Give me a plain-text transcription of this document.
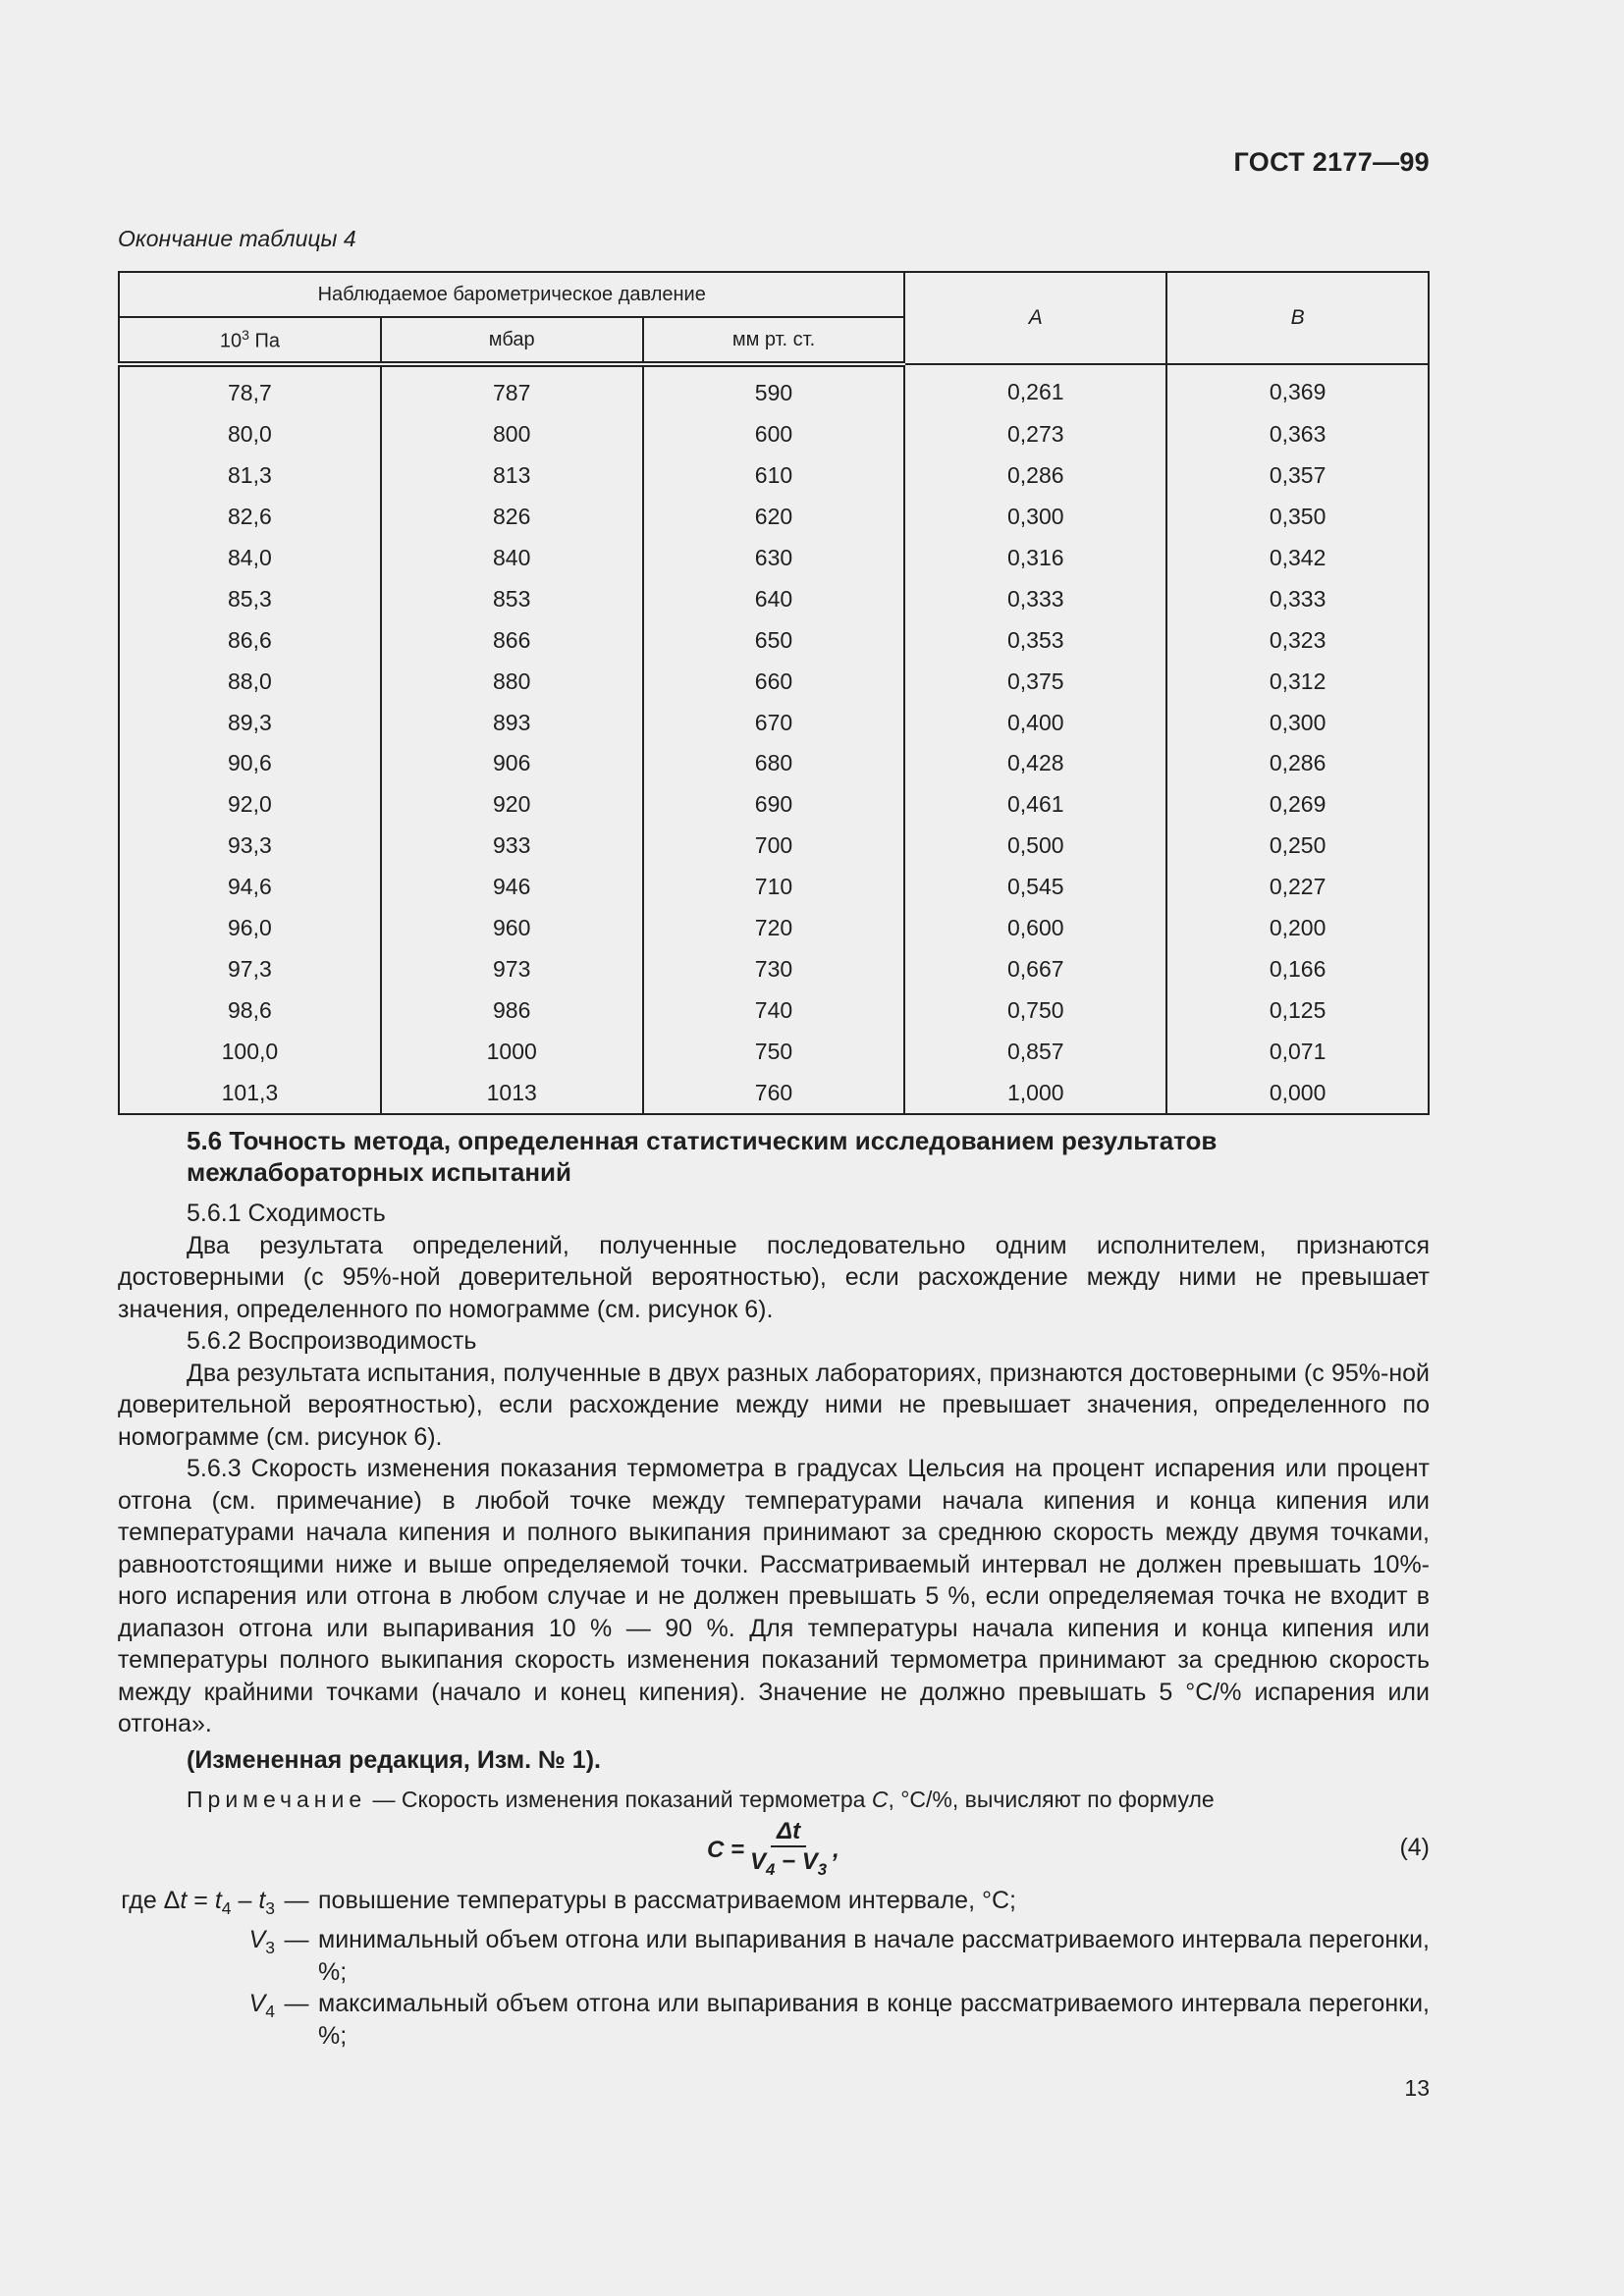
ГОСТ 2177—99
Окончание таблицы 4
Наблюдаемое барометрическое давление			A	B
$10^3$ Па	мбар	мм рт. ст.		
78,7	787	590	0,261	0,369
80,0	800	600	0,273	0,363
81,3	813	610	0,286	0,357
82,6	826	620	0,300	0,350
84,0	840	630	0,316	0,342
85,3	853	640	0,333	0,333
86,6	866	650	0,353	0,323
88,0	880	660	0,375	0,312
89,3	893	670	0,400	0,300
90,6	906	680	0,428	0,286
92,0	920	690	0,461	0,269
93,3	933	700	0,500	0,250
94,6	946	710	0,545	0,227
96,0	960	720	0,600	0,200
97,3	973	730	0,667	0,166
98,6	986	740	0,750	0,125
100,0	1000	750	0,857	0,071
101,3	1013	760	1,000	0,000
5.6 Точность метода, определенная статистическим исследованием результатов
межлабораторных испытаний
5.6.1 Сходимость

Два результата определений, полученные последовательно одним исполнителем, признаются достоверными (с 95%-ной доверительной вероятностью), если расхождение между ними не превышает значения, определенного по номограмме (см. рисунок 6).

5.6.2 Воспроизводимость

Два результата испытания, полученные в двух разных лабораториях, признаются достоверными (с 95%-ной доверительной вероятностью), если расхождение между ними не превышает значения, определенного по номограмме (см. рисунок 6).

5.6.3 Скорость изменения показания термометра в градусах Цельсия на процент испарения или процент отгона (см. примечание) в любой точке между температурами начала кипения и конца кипения или температурами начала кипения и полного выкипания принимают за среднюю скорость между двумя точками, равноотстоящими ниже и выше определяемой точки. Рассматриваемый интервал не должен превышать 10%-ного испарения или отгона в любом случае и не должен превышать 5 %, если определяемая точка не входит в диапазон отгона или выпаривания 10 % — 90 %. Для температуры начала кипения и конца кипения или температуры полного выкипания скорость изменения показаний термометра принимают за среднюю скорость между крайними точками (начало и конец кипения). Значение не должно превышать 5 °C/% испарения или отгона».

(Измененная редакция, Изм. № 1).
Примечание — Скорость изменения показаний термометра C, °С/%, вычисляют по формуле
$C = \frac{\Delta t}{V_4 - V_3}$ ,	(4)
где $\Delta t = t_4 - t_3$ — повышение температуры в рассматриваемом интервале, °С;
$V_3$ — минимальный объем отгона или выпаривания в начале рассматриваемого интервала перегонки, %;
$V_4$ — максимальный объем отгона или выпаривания в конце рассматриваемого интервала перегонки, %;
13
